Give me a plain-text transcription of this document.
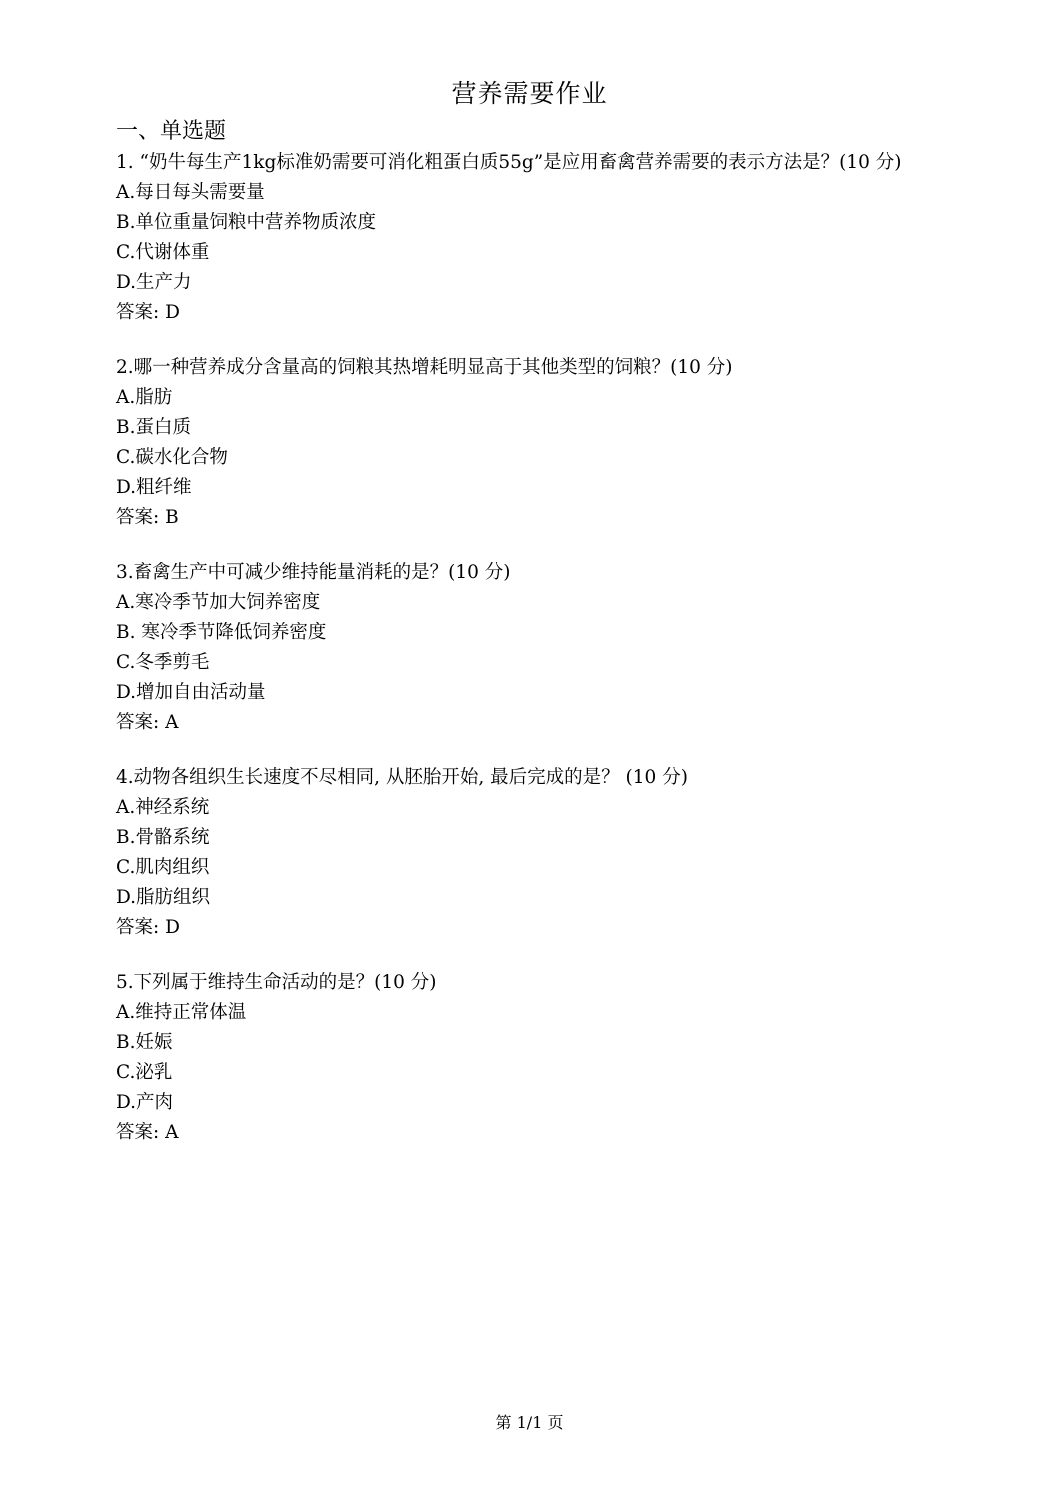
营养需要作业
一、单选题
1. “奶牛每生产1kg标准奶需要可消化粗蛋白质55g”是应用畜禽营养需要的表示方法是？(10 分)
A.每日每头需要量
B.单位重量饲粮中营养物质浓度
C.代谢体重
D.生产力
答案: D
2.哪一种营养成分含量高的饲粮其热增耗明显高于其他类型的饲粮？(10 分)
A.脂肪
B.蛋白质
C.碳水化合物
D.粗纤维
答案: B
3.畜禽生产中可减少维持能量消耗的是？(10 分)
A.寒冷季节加大饲养密度
B. 寒冷季节降低饲养密度
C.冬季剪毛
D.增加自由活动量
答案: A
4.动物各组织生长速度不尽相同, 从胚胎开始, 最后完成的是？ (10 分)
A.神经系统
B.骨骼系统
C.肌肉组织
D.脂肪组织
答案: D
5.下列属于维持生命活动的是？(10 分)
A.维持正常体温
B.妊娠
C.泌乳
D.产肉
答案: A
第 1/1 页
